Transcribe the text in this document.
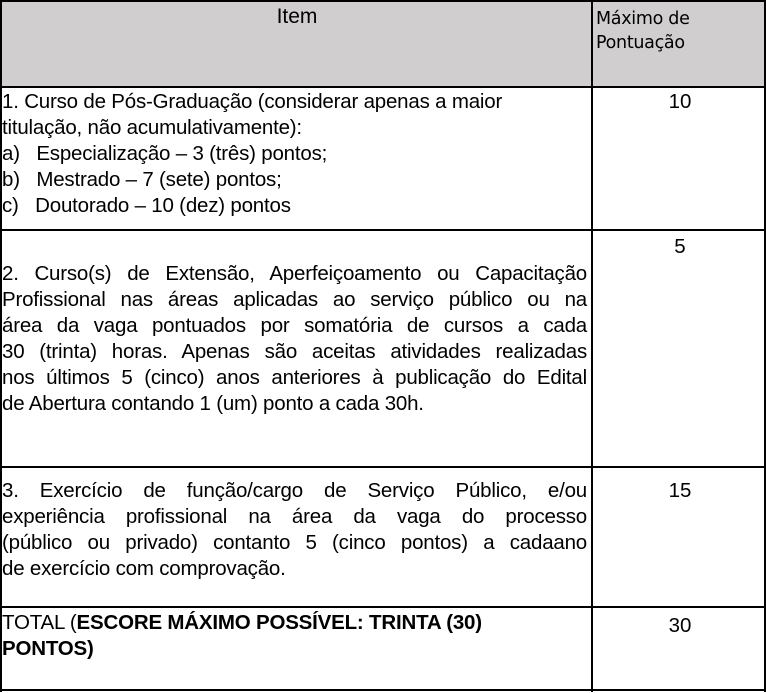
Item	Máximo de
Pontuação
1. Curso de Pós-Graduação (considerar apenas a maior
titulação, não acumulativamente):
a)   Especialização – 3 (três) pontos;
b)   Mestrado – 7 (sete) pontos;
c)   Doutorado – 10 (dez) pontos
10
2. Curso(s) de Extensão, Aperfeiçoamento ou Capacitação
Profissional nas áreas aplicadas ao serviço público ou na
área da vaga pontuados por somatória de cursos a cada
30 (trinta) horas. Apenas são aceitas atividades realizadas
nos últimos 5 (cinco) anos anteriores à publicação do Edital
de Abertura contando 1 (um) ponto a cada 30h.
5
3. Exercício de função/cargo de Serviço Público, e/ou
experiência profissional na área da vaga do processo
(público ou privado) contanto 5 (cinco pontos) a cadaano
de exercício com comprovação.
15
TOTAL (ESCORE MÁXIMO POSSÍVEL: TRINTA (30)
PONTOS)
30
